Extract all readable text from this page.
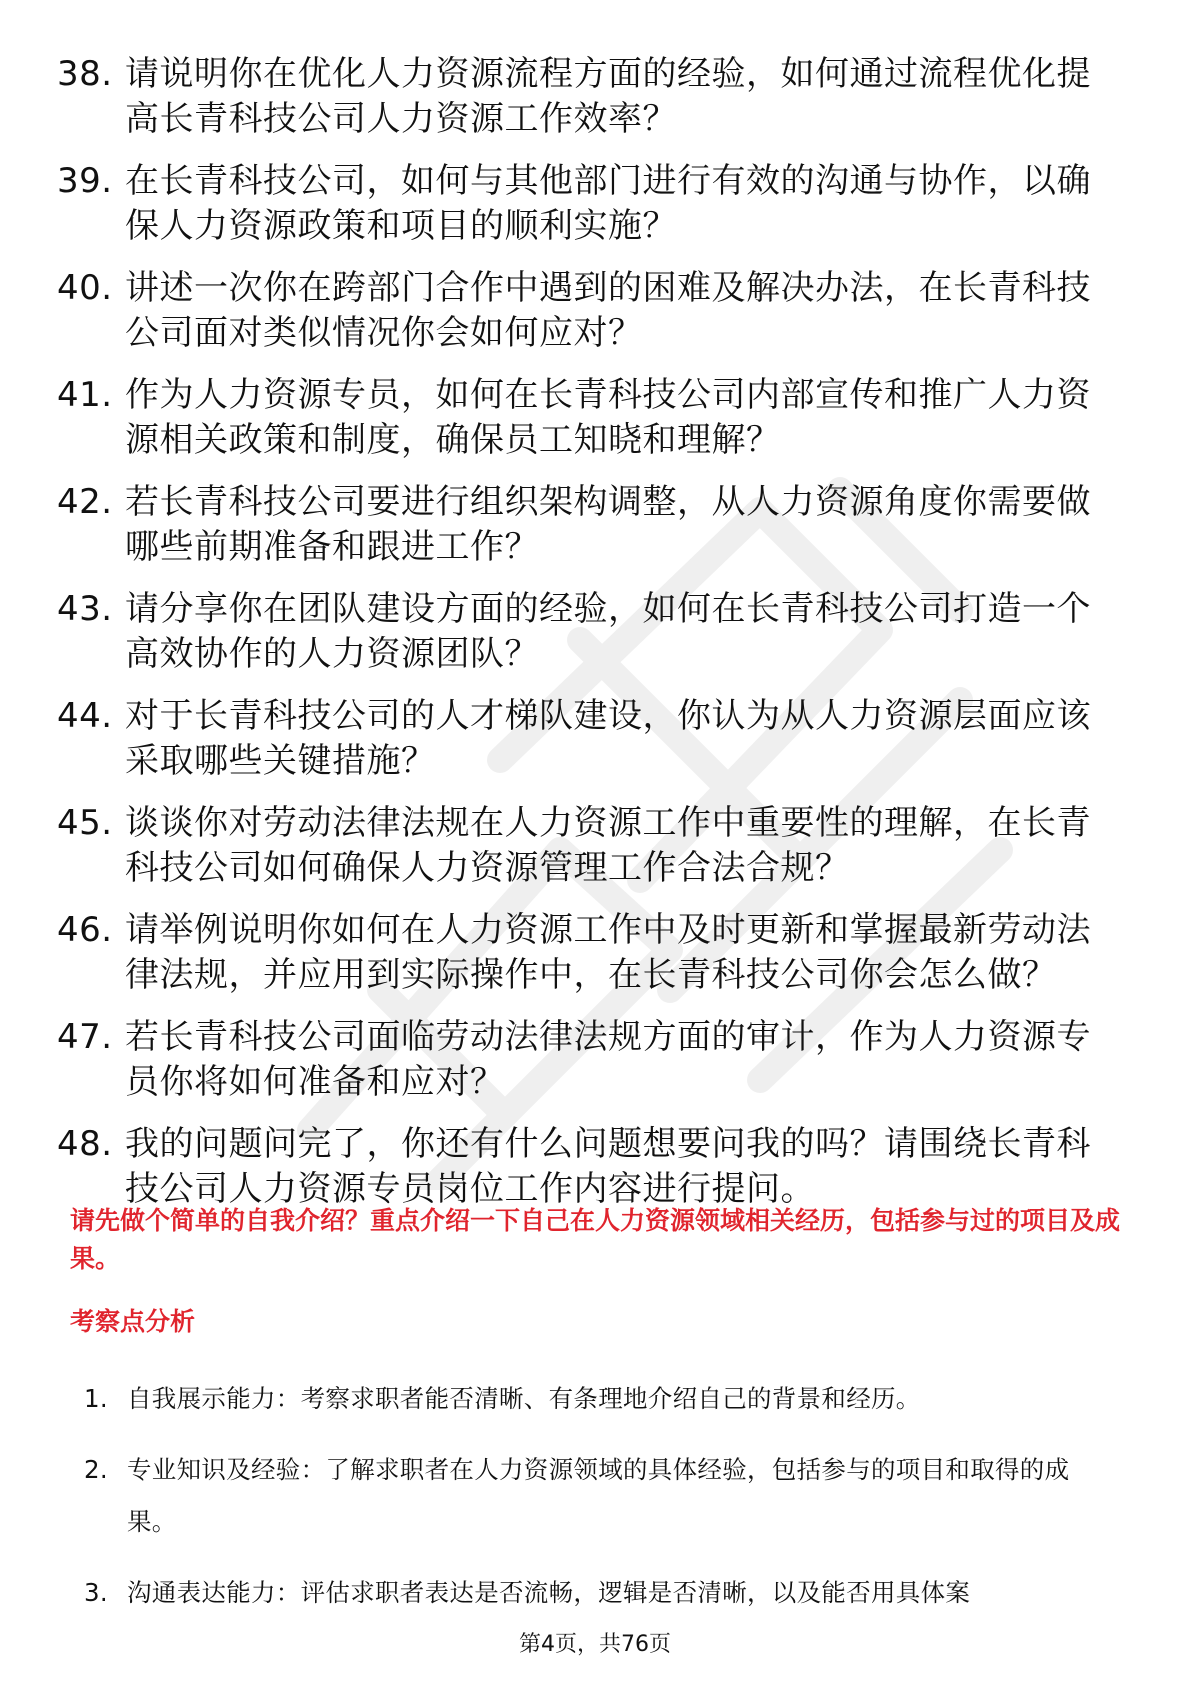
38. 请说明你在优化人力资源流程方面的经验，如何通过流程优化提高长青科技公司人力资源工作效率？
39. 在长青科技公司，如何与其他部门进行有效的沟通与协作，以确保人力资源政策和项目的顺利实施？
40. 讲述一次你在跨部门合作中遇到的困难及解决办法，在长青科技公司面对类似情况你会如何应对？
41. 作为人力资源专员，如何在长青科技公司内部宣传和推广人力资源相关政策和制度，确保员工知晓和理解？
42. 若长青科技公司要进行组织架构调整，从人力资源角度你需要做哪些前期准备和跟进工作？
43. 请分享你在团队建设方面的经验，如何在长青科技公司打造一个高效协作的人力资源团队？
44. 对于长青科技公司的人才梯队建设，你认为从人力资源层面应该采取哪些关键措施？
45. 谈谈你对劳动法律法规在人力资源工作中重要性的理解，在长青科技公司如何确保人力资源管理工作合法合规？
46. 请举例说明你如何在人力资源工作中及时更新和掌握最新劳动法律法规，并应用到实际操作中，在长青科技公司你会怎么做？
47. 若长青科技公司面临劳动法律法规方面的审计，作为人力资源专员你将如何准备和应对？
48. 我的问题问完了，你还有什么问题想要问我的吗？请围绕长青科技公司人力资源专员岗位工作内容进行提问。
请先做个简单的自我介绍？重点介绍一下自己在人力资源领域相关经历，包括参与过的项目及成果。
考察点分析
1. 自我展示能力：考察求职者能否清晰、有条理地介绍自己的背景和经历。
2. 专业知识及经验：了解求职者在人力资源领域的具体经验，包括参与的项目和取得的成果。
3. 沟通表达能力：评估求职者表达是否流畅，逻辑是否清晰，以及能否用具体案
第4页，共76页
